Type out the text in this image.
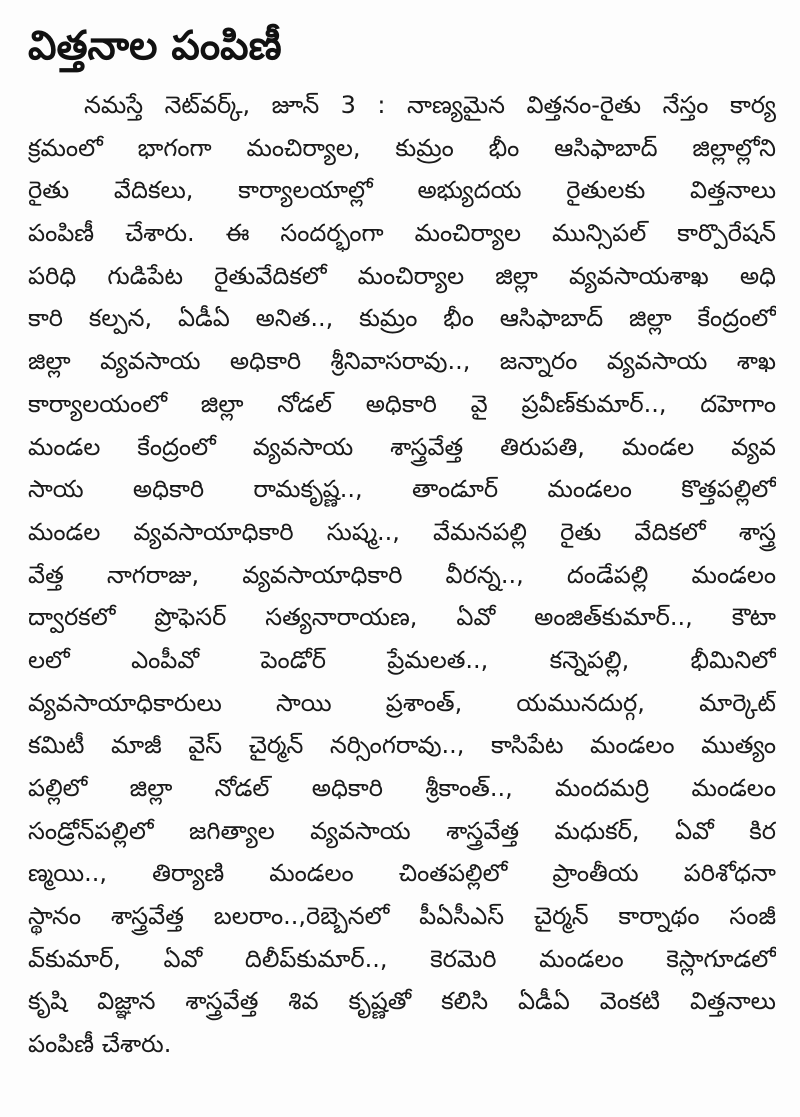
విత్తనాల పంపిణీ
నమస్తే నెట్‌వర్క్, జూన్ 3 : నాణ్యమైన విత్తనం-రైతు నేస్తం కార్య
క్రమంలో భాగంగా మంచిర్యాల, కుమ్రం భీం ఆసిఫాబాద్ జిల్లాల్లోని
రైతు వేదికలు, కార్యాలయాల్లో అభ్యుదయ రైతులకు విత్తనాలు
పంపిణీ చేశారు. ఈ సందర్భంగా మంచిర్యాల మున్సిపల్ కార్పొరేషన్
పరిధి గుడిపేట రైతువేదికలో మంచిర్యాల జిల్లా వ్యవసాయశాఖ అధి
కారి కల్పన, ఏడీఏ అనిత.., కుమ్రం భీం ఆసిఫాబాద్ జిల్లా కేంద్రంలో
జిల్లా వ్యవసాయ అధికారి శ్రీనివాసరావు.., జన్నారం వ్యవసాయ శాఖ
కార్యాలయంలో జిల్లా నోడల్ అధికారి వై ప్రవీణ్‌కుమార్.., దహెగాం
మండల కేంద్రంలో వ్యవసాయ శాస్త్రవేత్త తిరుపతి, మండల వ్యవ
సాయ అధికారి రామకృష్ణ.., తాండూర్ మండలం కొత్తపల్లిలో
మండల వ్యవసాయాధికారి సుష్మ.., వేమనపల్లి రైతు వేదికలో శాస్త్ర
వేత్త నాగరాజు, వ్యవసాయాధికారి వీరన్న.., దండేపల్లి మండలం
ద్వారకలో ప్రొఫెసర్ సత్యనారాయణ, ఏవో అంజిత్‌కుమార్.., కౌటా
లలో ఎంపీవో పెండోర్ ప్రేమలత.., కన్నెపల్లి, భీమినిలో
వ్యవసాయాధికారులు సాయి ప్రశాంత్, యమునదుర్గ, మార్కెట్
కమిటీ మాజీ వైస్ చైర్మన్ నర్సింగరావు.., కాసిపేట మండలం ముత్యం
పల్లిలో జిల్లా నోడల్ అధికారి శ్రీకాంత్.., మందమర్రి మండలం
సండ్రోన్‌పల్లిలో జగిత్యాల వ్యవసాయ శాస్త్రవేత్త మధుకర్, ఏవో కిర
ణ్మయి.., తిర్యాణి మండలం చింతపల్లిలో ప్రాంతీయ పరిశోధనా
స్థానం శాస్త్రవేత్త బలరాం..,రెబ్బెనలో పీఏసీఎస్ చైర్మన్ కార్నాథం సంజీ
వ్‌కుమార్, ఏవో దిలీప్‌కుమార్.., కెరమెరి మండలం కెస్లాగూడలో
కృషి విజ్ఞాన శాస్త్రవేత్త శివ కృష్ణతో కలిసి ఏడీఏ వెంకటి విత్తనాలు
పంపిణీ చేశారు.
